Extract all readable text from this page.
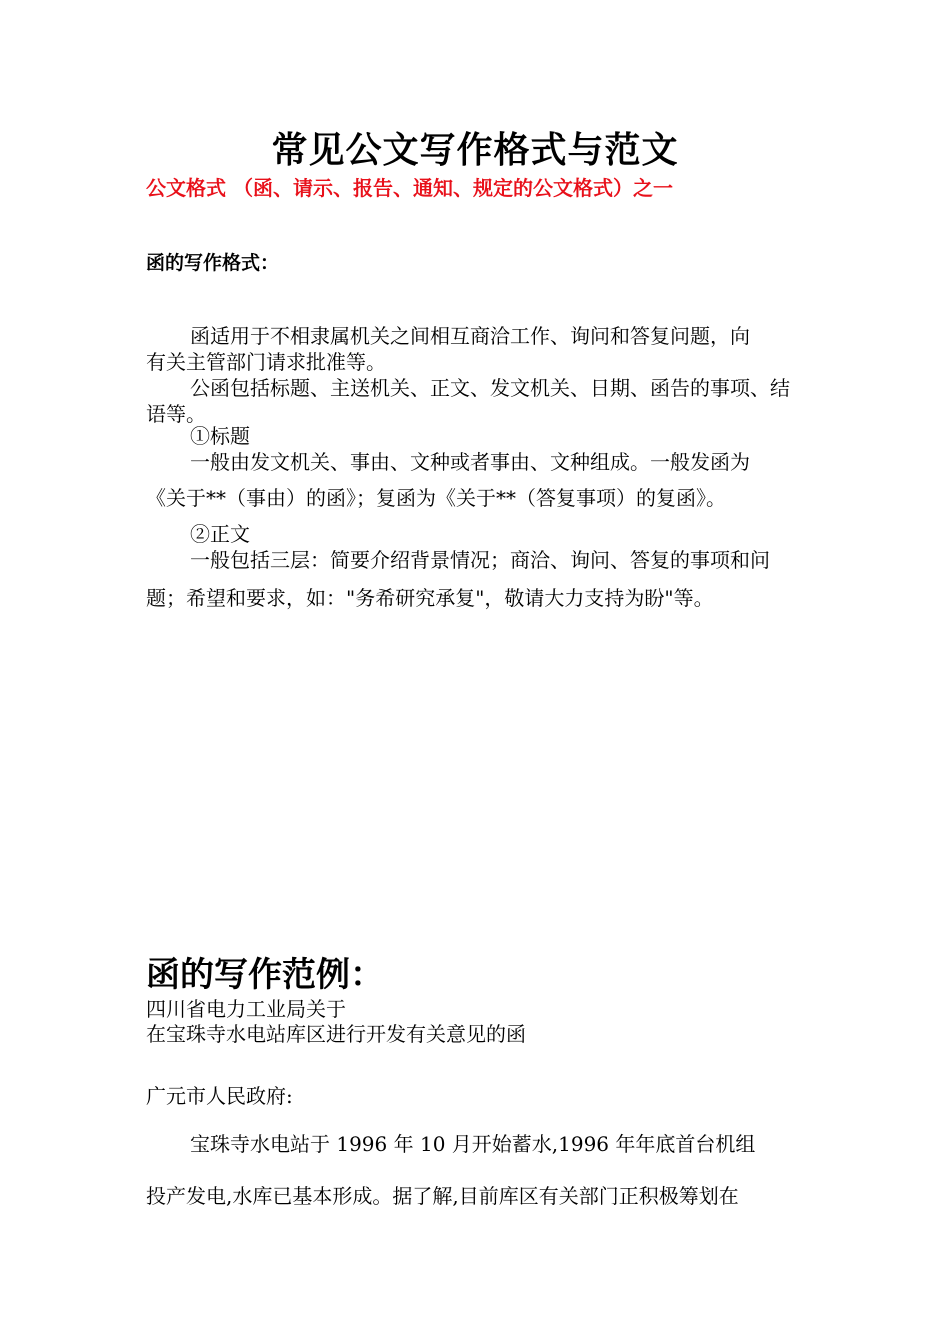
常见公文写作格式与范文
公文格式 （函、请示、报告、通知、规定的公文格式）之一
函的写作格式：
函适用于不相隶属机关之间相互商洽工作、询问和答复问题，向
有关主管部门请求批准等。
公函包括标题、主送机关、正文、发文机关、日期、函告的事项、结
语等。
①标题
一般由发文机关、事由、文种或者事由、文种组成。一般发函为
《关于**（事由）的函》；复函为《关于**（答复事项）的复函》。
②正文
一般包括三层：简要介绍背景情况；商洽、询问、答复的事项和问
题；希望和要求，如："务希研究承复"，敬请大力支持为盼"等。
函的写作范例：
四川省电力工业局关于
在宝珠寺水电站库区进行开发有关意见的函
广元市人民政府:
宝珠寺水电站于 1996 年 10 月开始蓄水,1996 年年底首台机组
投产发电,水库已基本形成。据了解,目前库区有关部门正积极筹划在
